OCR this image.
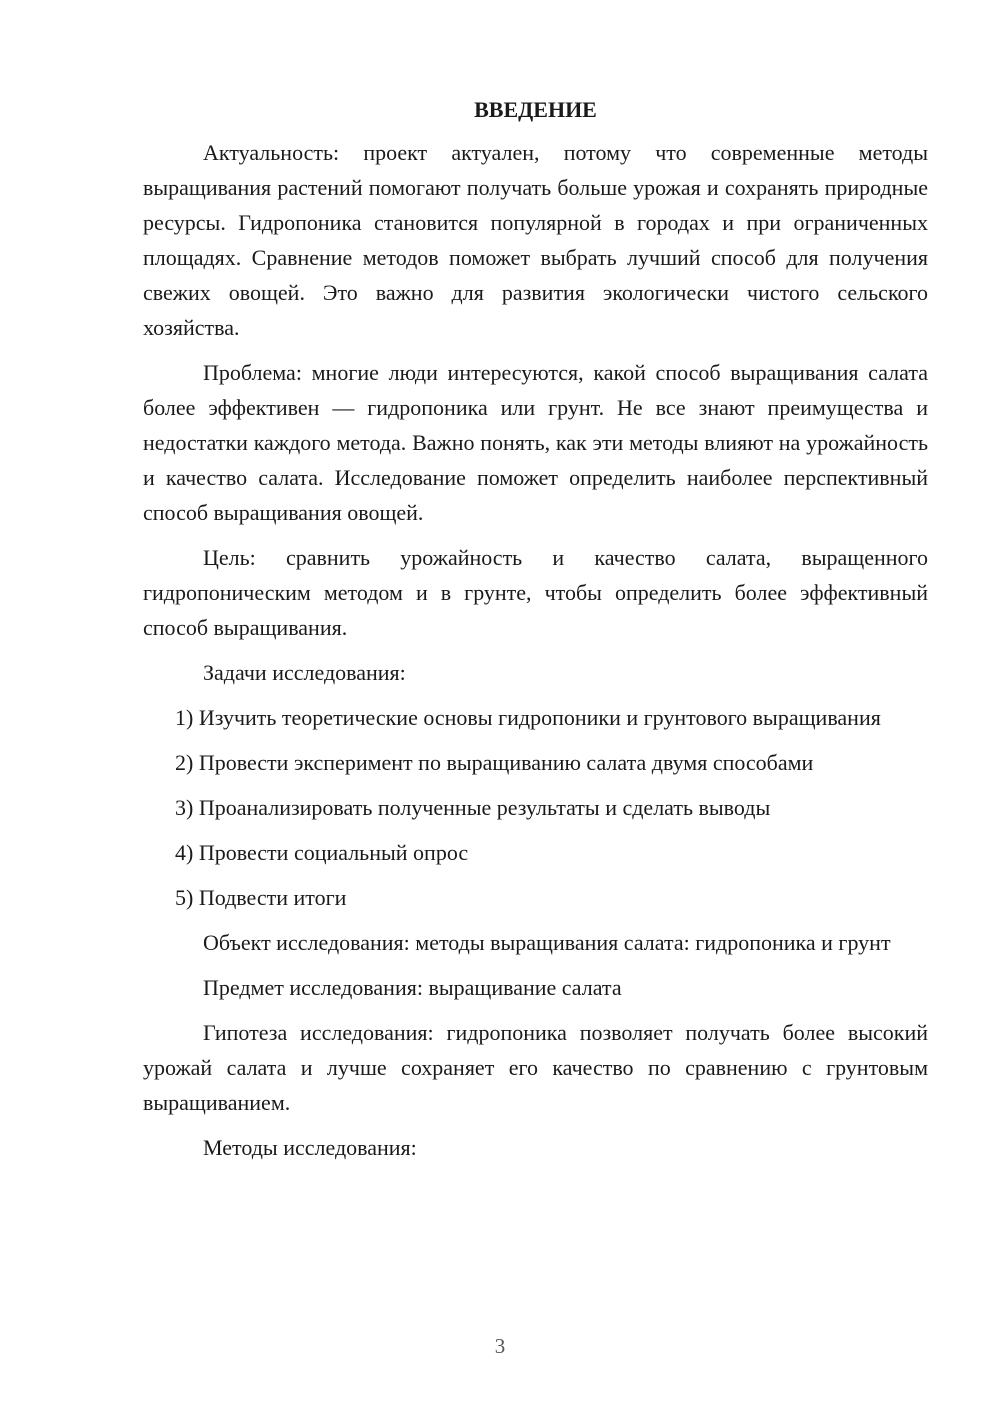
ВВЕДЕНИЕ

Актуальность: проект актуален, потому что современные методы выращивания растений помогают получать больше урожая и сохранять природные ресурсы. Гидропоника становится популярной в городах и при ограниченных площадях. Сравнение методов поможет выбрать лучший способ для получения свежих овощей. Это важно для развития экологически чистого сельского хозяйства.

Проблема: многие люди интересуются, какой способ выращивания салата более эффективен — гидропоника или грунт. Не все знают преимущества и недостатки каждого метода. Важно понять, как эти методы влияют на урожайность и качество салата. Исследование поможет определить наиболее перспективный способ выращивания овощей.

Цель: сравнить урожайность и качество салата, выращенного гидропоническим методом и в грунте, чтобы определить более эффективный способ выращивания.

Задачи исследования:

1) Изучить теоретические основы гидропоники и грунтового выращивания

2) Провести эксперимент по выращиванию салата двумя способами

3) Проанализировать полученные результаты и сделать выводы

4) Провести социальный опрос

5) Подвести итоги

Объект исследования: методы выращивания салата: гидропоника и грунт

Предмет исследования: выращивание салата

Гипотеза исследования: гидропоника позволяет получать более высокий урожай салата и лучше сохраняет его качество по сравнению с грунтовым выращиванием.

Методы исследования:

3
